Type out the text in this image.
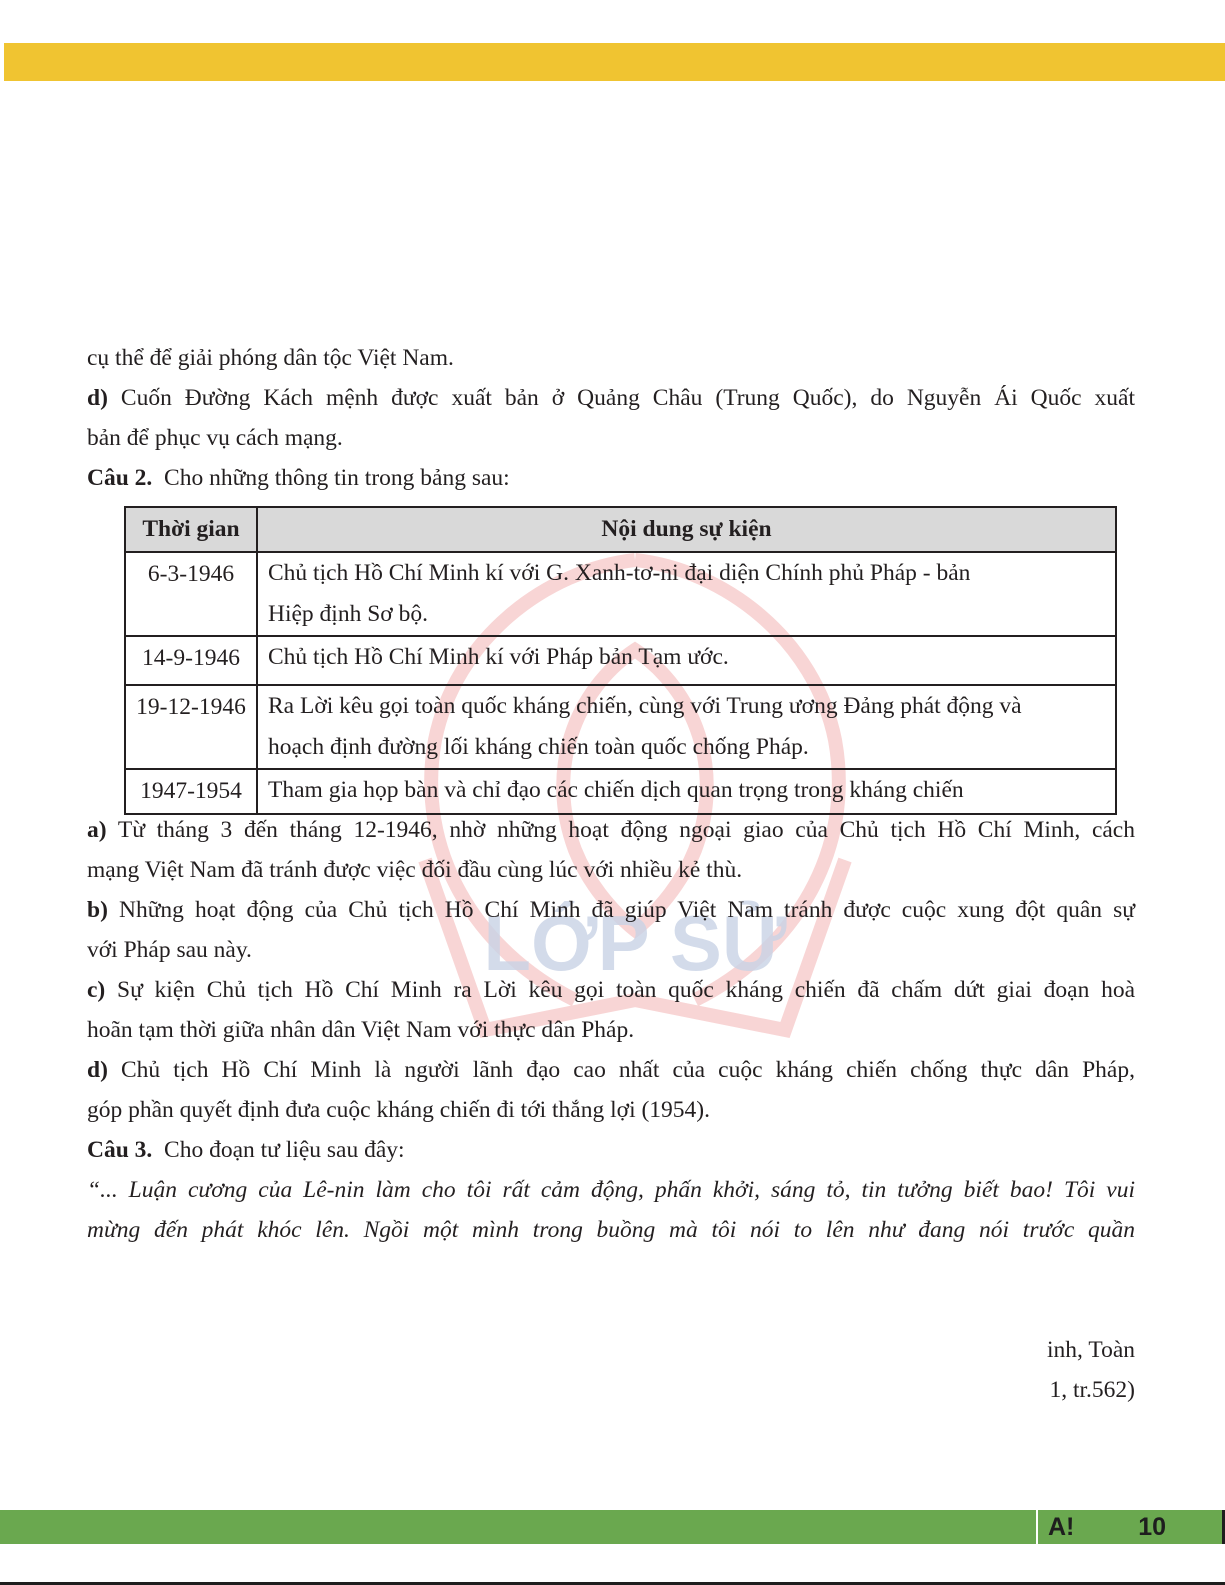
LỚP SỬ
cụ thể để giải phóng dân tộc Việt Nam.
d) Cuốn Đường Kách mệnh được xuất bản ở Quảng Châu (Trung Quốc), do Nguyễn Ái Quốc xuất
bản để phục vụ cách mạng.
Câu 2. Cho những thông tin trong bảng sau:
Thời gian	Nội dung sự kiện
6-3-1946	Chủ tịch Hồ Chí Minh kí với G. Xanh-tơ-ni đại diện Chính phủ Pháp - bản
Hiệp định Sơ bộ.
14-9-1946	Chủ tịch Hồ Chí Minh kí với Pháp bản Tạm ước.
19-12-1946	Ra Lời kêu gọi toàn quốc kháng chiến, cùng với Trung ương Đảng phát động và
hoạch định đường lối kháng chiến toàn quốc chống Pháp.
1947-1954	Tham gia họp bàn và chỉ đạo các chiến dịch quan trọng trong kháng chiến
a) Từ tháng 3 đến tháng 12-1946, nhờ những hoạt động ngoại giao của Chủ tịch Hồ Chí Minh, cách
mạng Việt Nam đã tránh được việc đối đầu cùng lúc với nhiều kẻ thù.
b) Những hoạt động của Chủ tịch Hồ Chí Minh đã giúp Việt Nam tránh được cuộc xung đột quân sự
với Pháp sau này.
c) Sự kiện Chủ tịch Hồ Chí Minh ra Lời kêu gọi toàn quốc kháng chiến đã chấm dứt giai đoạn hoà
hoãn tạm thời giữa nhân dân Việt Nam với thực dân Pháp.
d) Chủ tịch Hồ Chí Minh là người lãnh đạo cao nhất của cuộc kháng chiến chống thực dân Pháp,
góp phần quyết định đưa cuộc kháng chiến đi tới thắng lợi (1954).
Câu 3. Cho đoạn tư liệu sau đây:
“... Luận cương của Lê-nin làm cho tôi rất cảm động, phấn khởi, sáng tỏ, tin tưởng biết bao! Tôi vui
mừng đến phát khóc lên. Ngồi một mình trong buồng mà tôi nói to lên như đang nói trước quần
inh, Toàn
1, tr.562)
A!	10
